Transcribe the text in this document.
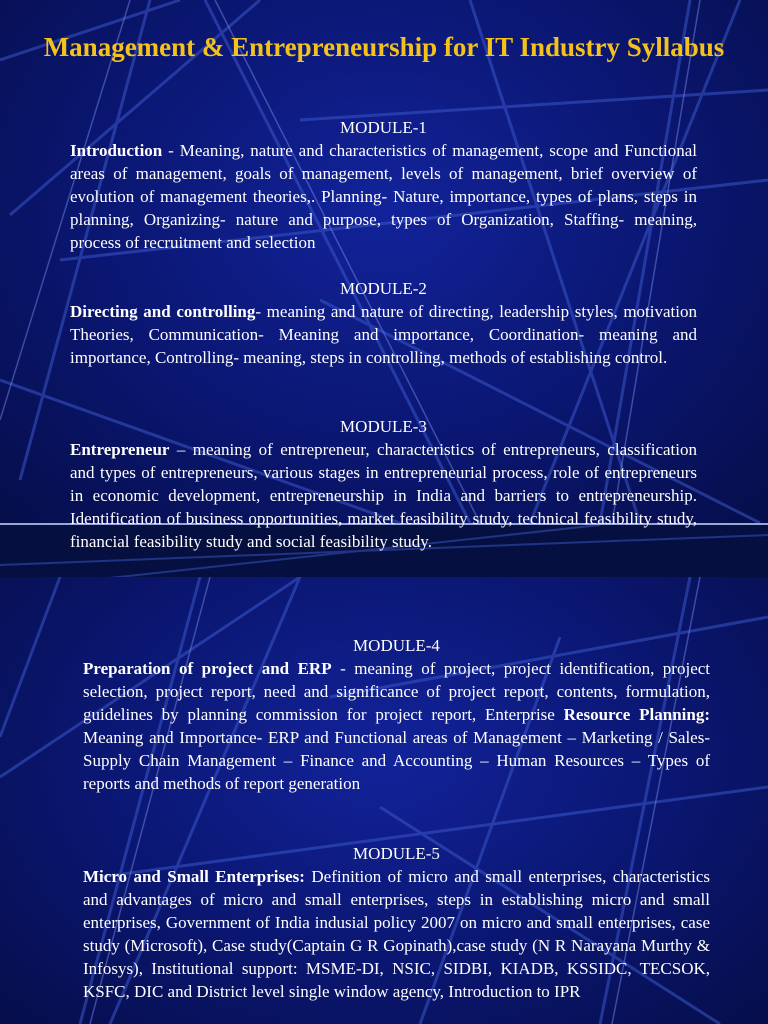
Management & Entrepreneurship for IT Industry Syllabus

MODULE-1

Introduction - Meaning, nature and characteristics of management, scope and Functional areas of management, goals of management, levels of management, brief overview of evolution of management theories,. Planning- Nature, importance, types of plans, steps in planning, Organizing- nature and purpose, types of Organization, Staffing- meaning, process of recruitment and selection

MODULE-2

Directing and controlling- meaning and nature of directing, leadership styles, motivation Theories, Communication- Meaning and importance, Coordination- meaning and importance, Controlling- meaning, steps in controlling, methods of establishing control.

MODULE-3

Entrepreneur – meaning of entrepreneur, characteristics of entrepreneurs, classification and types of entrepreneurs, various stages in entrepreneurial process, role of entrepreneurs in economic development, entrepreneurship in India and barriers to entrepreneurship. Identification of business opportunities, market feasibility study, technical feasibility study, financial feasibility study and social feasibility study.

MODULE-4

Preparation of project and ERP - meaning of project, project identification, project selection, project report, need and significance of project report, contents, formulation, guidelines by planning commission for project report, Enterprise Resource Planning: Meaning and Importance- ERP and Functional areas of Management – Marketing / Sales- Supply Chain Management – Finance and Accounting – Human Resources – Types of reports and methods of report generation

MODULE-5

Micro and Small Enterprises: Definition of micro and small enterprises, characteristics and advantages of micro and small enterprises, steps in establishing micro and small enterprises, Government of India indusial policy 2007 on micro and small enterprises, case study (Microsoft), Case study(Captain G R Gopinath),case study (N R Narayana Murthy & Infosys), Institutional support: MSME-DI, NSIC, SIDBI, KIADB, KSSIDC, TECSOK, KSFC, DIC and District level single window agency, Introduction to IPR
